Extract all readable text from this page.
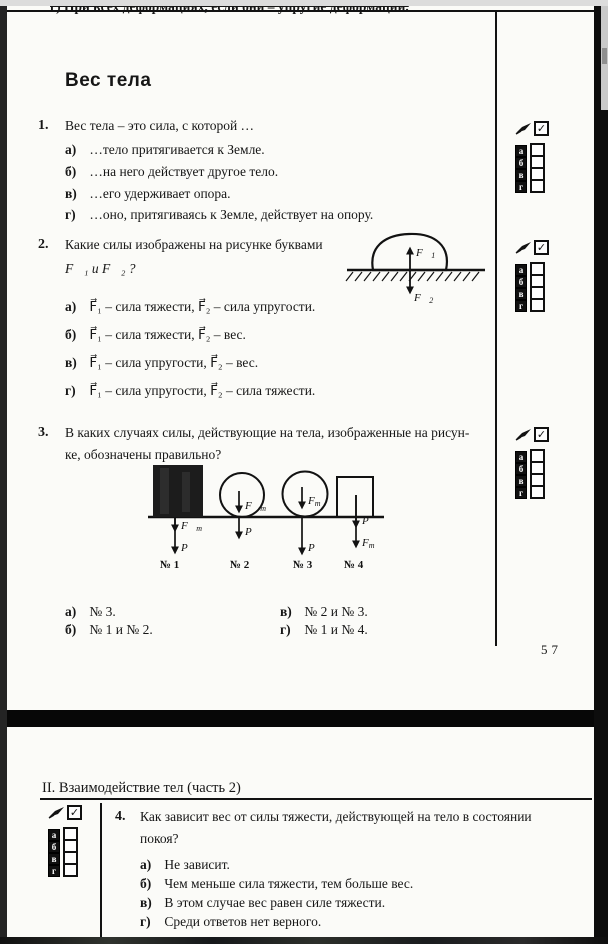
Вес тела
1. Вес тела – это сила, с которой …
а) …тело притягивается к Земле.
б) …на него действует другое тело.
в) …его удерживает опора.
г) …оно, притягиваясь к Земле, действует на опору.
2. Какие силы изображены на рисунке буквами
F⃗₁ и F⃗₂ ?
F⃗1
F⃗2
а) F⃗₁ – сила тяжести, F⃗₂ – сила упругости.
б) F⃗₁ – сила тяжести, F⃗₂ – вес.
в) F⃗₁ – сила упругости, F⃗₂ – вес.
г) F⃗₁ – сила упругости, F⃗₂ – сила тяжести.
3. В каких случаях силы, действующие на тела, изображенные на рисун-
ке, обозначены правильно?
F⃗т
P⃗
№ 1
F⃗т
P⃗
№ 2
Fт
P
№ 3
P
Fт
№ 4
а) № 3.
б) № 1 и № 2.
в) № 2 и № 3.
г) № 1 и № 4.
57
✓
а
б
в
г
✓
а
б
в
г
✓
а
б
в
г
II. Взаимодействие тел (часть 2)
✓
а
б
в
г
4. Как зависит вес от силы тяжести, действующей на тело в состоянии
покоя?
а) Не зависит.
б) Чем меньше сила тяжести, тем больше вес.
в) В этом случае вес равен силе тяжести.
г) Среди ответов нет верного.
